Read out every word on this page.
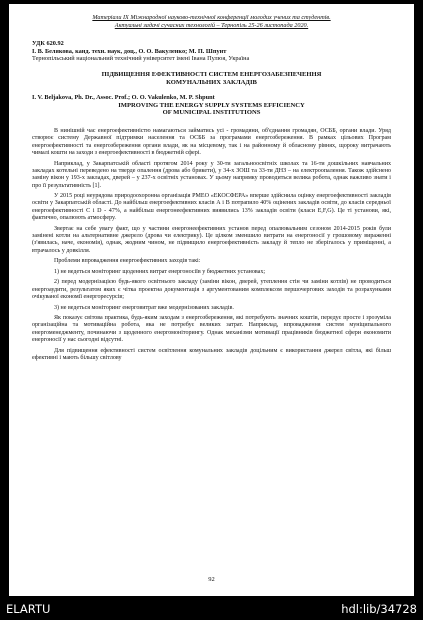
Матеріали IX Міжнародної науково-технічної конференції молодих учених та студентів.

Актуальні задачі сучасних технологій – Тернопіль 25-26 листопада 2020.

УДК 620.92

І. В. Белякова, канд. техн. наук, доц., О. О. Вакуленко; М. П. Шпунт

Тернопільський національний технічний університет імені Івана Пулюя, Україна

ПІДВИЩЕННЯ ЕФЕКТИВНОСТІ СИСТЕМ ЕНЕРГОЗАБЕЗПЕЧЕННЯ

КОМУНАЛЬНИХ ЗАКЛАДІВ

I. V. Beljakova, Ph. Dr., Assoc. Prof.; O. O. Vakulenko, M. P. Shpunt

IMPROVING THE ENERGY SUPPLY SYSTEMS EFFICIENCY

OF MUNICIPAL INSTITUTIONS

В нинішній час енергоефективністю намагаються займатись усі - громадяни, об'єднання громадян, ОСББ, органи влади. Уряд створює систему Державної підтримки населення та ОСББ за програмами енергозбереження. В рамках цільових Програм енергоефективності та енергозбереження органи влади, як на місцевому, так і на районному й обласному рівнях, щороку витрачають чималі кошти на заходи з енергоефективності в бюджетній сфері.

Наприклад, у Закарпатській області протягом 2014 року у 30-ти загальноосвітніх школах та 16-ти дошкільних навчальних закладах котельні переведено на тверде опалення (дрова або брикети), у 34-х ЗОШ та 33-ти ДНЗ – на електроопалення. Також здійснено заміну вікон у 193-х закладах, дверей – у 237-х освітніх установах. У цьому напрямку проводиться велика робота, однак важливо знати і про її результативність [1].

У 2015 році неурядова природоохоронна організація РМЕО «ЕКОСФЕРА» вперше здійснила оцінку енергоефективності закладів освіти у Закарпатській області. До найбільш енергоефективних класів А і В потрапило 40% оцінених закладів освіти, до класів середньої енергоефективності С і D - 47%, а найбільш енергонеефективних виявились 13% закладів освіти (класи E,F,G). Це ті установи, які, фактично, опалюють атмосферу.

Звертає на себе увагу факт, що у частини енергонеефективних установ перед опалювальним сезоном 2014-2015 років були замінені котли на альтернативне джерело (дрова чи електрику). Це цілком зменшило витрати на енергоносії у грошовому вираженні (з'явилась, наче, економія), однак, жодним чином, не підвищило енергоефективність закладу й тепло не зберігалось у приміщенні, а втрачалось у довкілля.

Проблеми впровадження енергоефективних заходів такі:

1) не ведеться моніторинг щоденних витрат енергоносіїв у бюджетних установах;

2) перед модернізацією будь-якого освітнього закладу (заміни вікон, дверей, утеплення стін чи заміни котлів) не проводиться енергоаудити, результатом яких є чітка проектна документація з аргументованим комплексом першочергових заходів та розрахунками очікуваної економії енергоресурсів;

3) не ведеться моніторинг енерговитрат вже модернізованих закладів.

Як показує світова практика, будь-яким заходам з енергозбереження, які потребують значних коштів, передує просте і зрозуміла організаційна та мотиваційна робота, яка не потребує великих затрат. Наприклад, впровадження систем муніципального енергоменеджменту, починаючи з щоденного енергомоніторингу. Однак механізми мотивації працівників бюджетної сфери економити енергоносії у нас сьогодні відсутні.

Для підвищення ефективності систем освітлення комунальних закладів доцільним є використання джерел світла, які більш ефективні і мають більшу світлову

92
ELARTU	hdl:lib/34728
